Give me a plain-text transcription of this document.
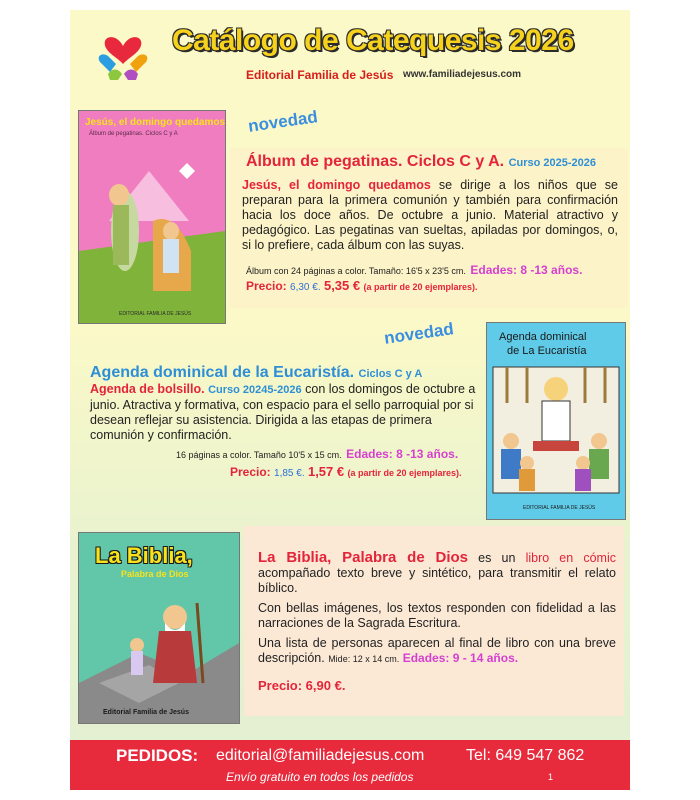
Catálogo de Catequesis 2026
Editorial Familia de Jesús www.familiadejesus.com
novedad
Jesús, el domingo quedamos
Álbum de pegatinas. Ciclos C y A
EDITORIAL FAMILIA DE JESÚS
Álbum de pegatinas. Ciclos C y A. Curso 2025-2026
Jesús, el domingo quedamos se dirige a los niños que se preparan para la primera comunión y también para confirmación hacia los doce años. De octubre a junio. Material atractivo y pedagógico. Las pegatinas van sueltas, apiladas por domingos, o, si lo prefiere, cada álbum con las suyas.
Álbum con 24 páginas a color. Tamaño: 16'5 x 23'5 cm. Edades: 8 -13 años.
Precio: 6,30 €. 5,35 € (a partir de 20 ejemplares).
novedad
Agenda dominical de la Eucaristía. Ciclos C y A
Agenda de bolsillo. Curso 20245-2026 con los domingos de octubre a junio. Atractiva y formativa, con espacio para el sello parroquial por si desean reflejar su asistencia. Dirigida a las etapas de primera comunión y confirmación.
16 páginas a color. Tamaño 10'5 x 15 cm. Edades: 8 -13 años.
Precio: 1,85 €. 1,57 € (a partir de 20 ejemplares).
Agenda dominical
de La Eucaristía
EDITORIAL FAMILIA DE JESÚS
La Biblia,
Palabra de Dios
Editorial Familia de Jesús

La Biblia, Palabra de Dios es un libro en cómic acompañado texto breve y sintético, para transmitir el relato bíblico.

Con bellas imágenes, los textos responden con fidelidad a las narraciones de la Sagrada Escritura.

Una lista de personas aparecen al final de libro con una breve descripción. Mide: 12 x 14 cm. Edades: 9 - 14 años.

Precio: 6,90 €.
PEDIDOS: editorial@familiadejesus.com	Tel: 649 547 862
Envío gratuito en todos los pedidos	1
